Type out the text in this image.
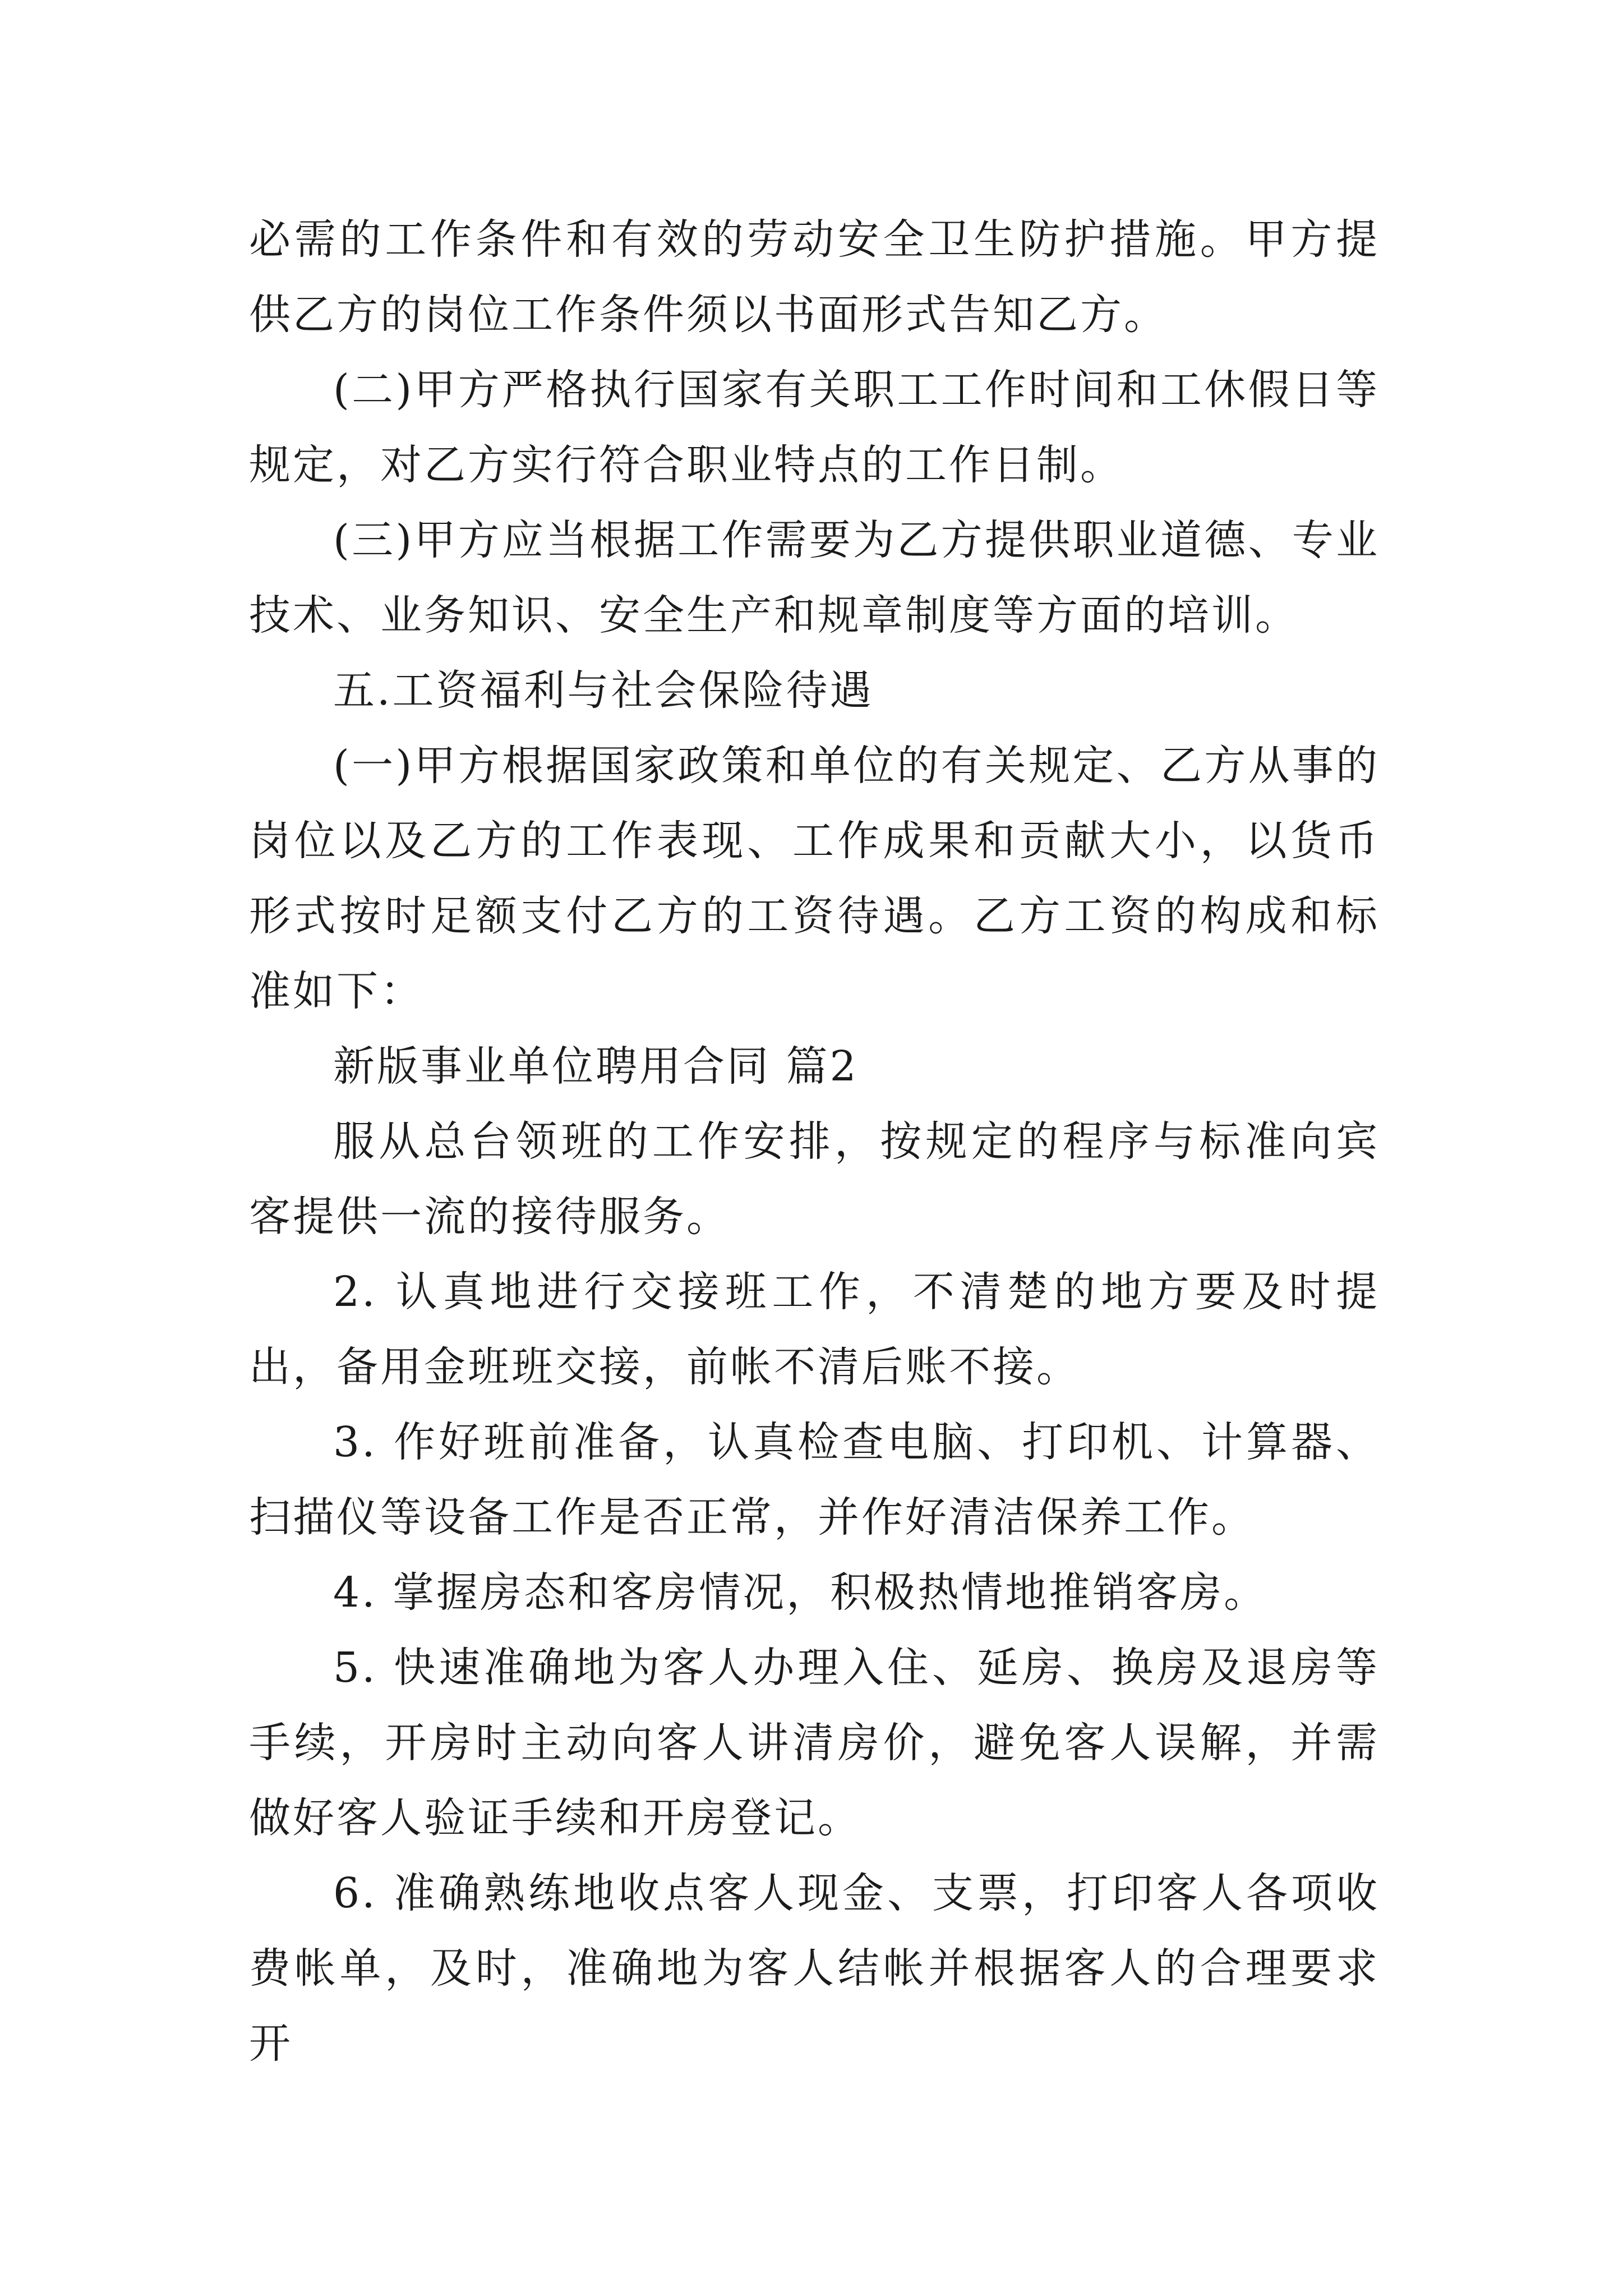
必需的工作条件和有效的劳动安全卫生防护措施。甲方提供乙方的岗位工作条件须以书面形式告知乙方。

(二)甲方严格执行国家有关职工工作时间和工休假日等规定，对乙方实行符合职业特点的工作日制。

(三)甲方应当根据工作需要为乙方提供职业道德、专业技术、业务知识、安全生产和规章制度等方面的培训。

五.工资福利与社会保险待遇

(一)甲方根据国家政策和单位的有关规定、乙方从事的岗位以及乙方的工作表现、工作成果和贡献大小，以货币形式按时足额支付乙方的工资待遇。乙方工资的构成和标准如下：

新版事业单位聘用合同 篇2

服从总台领班的工作安排，按规定的程序与标准向宾客提供一流的接待服务。

2. 认真地进行交接班工作，不清楚的地方要及时提出，备用金班班交接，前帐不清后账不接。

3. 作好班前准备，认真检查电脑、打印机、计算器、扫描仪等设备工作是否正常，并作好清洁保养工作。

4. 掌握房态和客房情况，积极热情地推销客房。

5. 快速准确地为客人办理入住、延房、换房及退房等手续，开房时主动向客人讲清房价，避免客人误解，并需做好客人验证手续和开房登记。

6. 准确熟练地收点客人现金、支票，打印客人各项收费帐单，及时，准确地为客人结帐并根据客人的合理要求开
